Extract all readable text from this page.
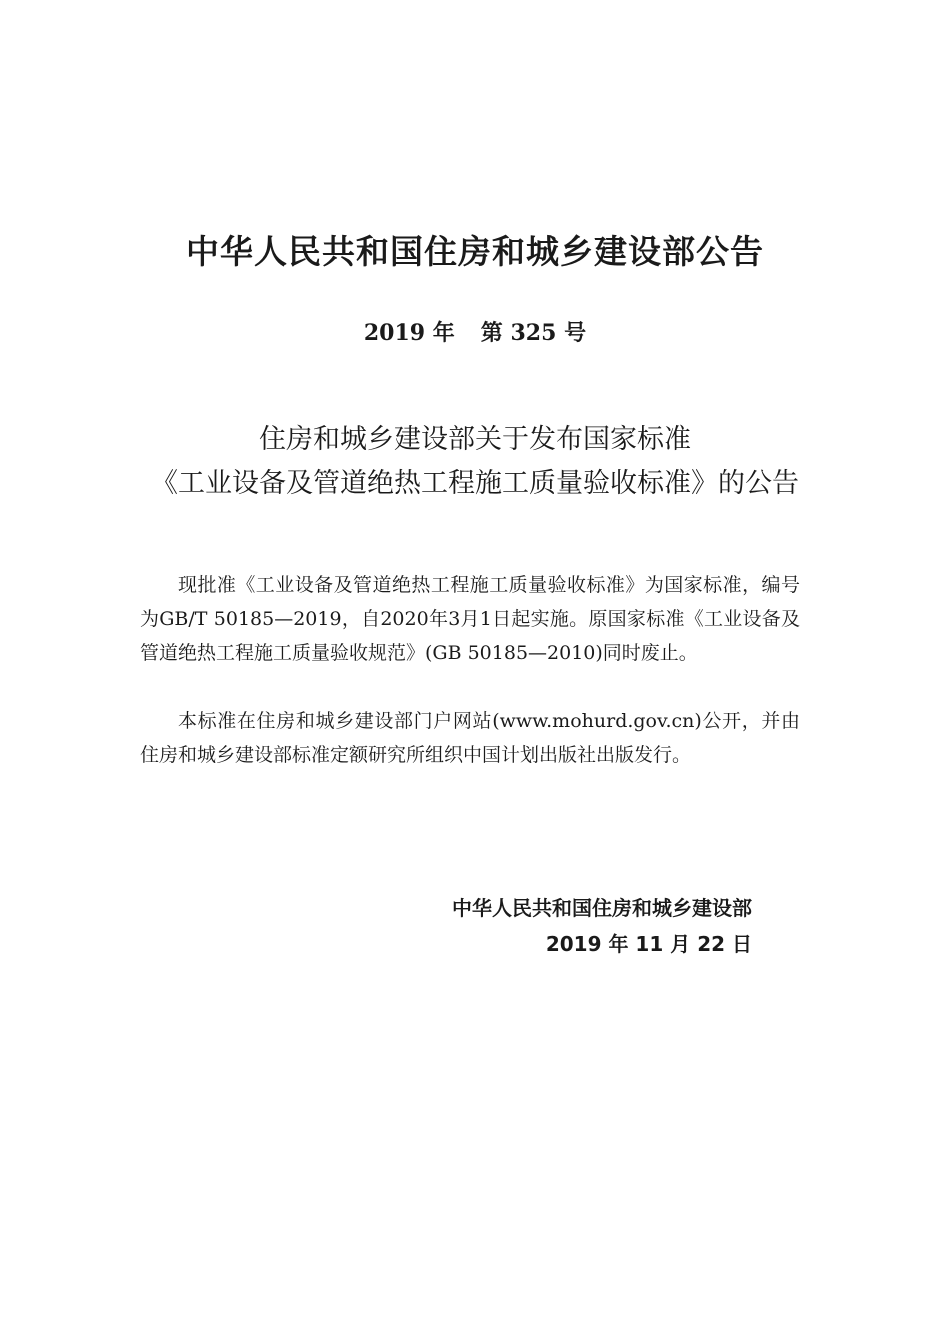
中华人民共和国住房和城乡建设部公告
2019 年 第 325 号
住房和城乡建设部关于发布国家标准
《工业设备及管道绝热工程施工质量验收标准》的公告

现批准《工业设备及管道绝热工程施工质量验收标准》为国家标准，编号为GB/T 50185—2019，自2020年3月1日起实施。原国家标准《工业设备及管道绝热工程施工质量验收规范》(GB 50185—2010)同时废止。

本标准在住房和城乡建设部门户网站(www.mohurd.gov.cn)公开，并由住房和城乡建设部标准定额研究所组织中国计划出版社出版发行。

中华人民共和国住房和城乡建设部
2019 年 11 月 22 日
